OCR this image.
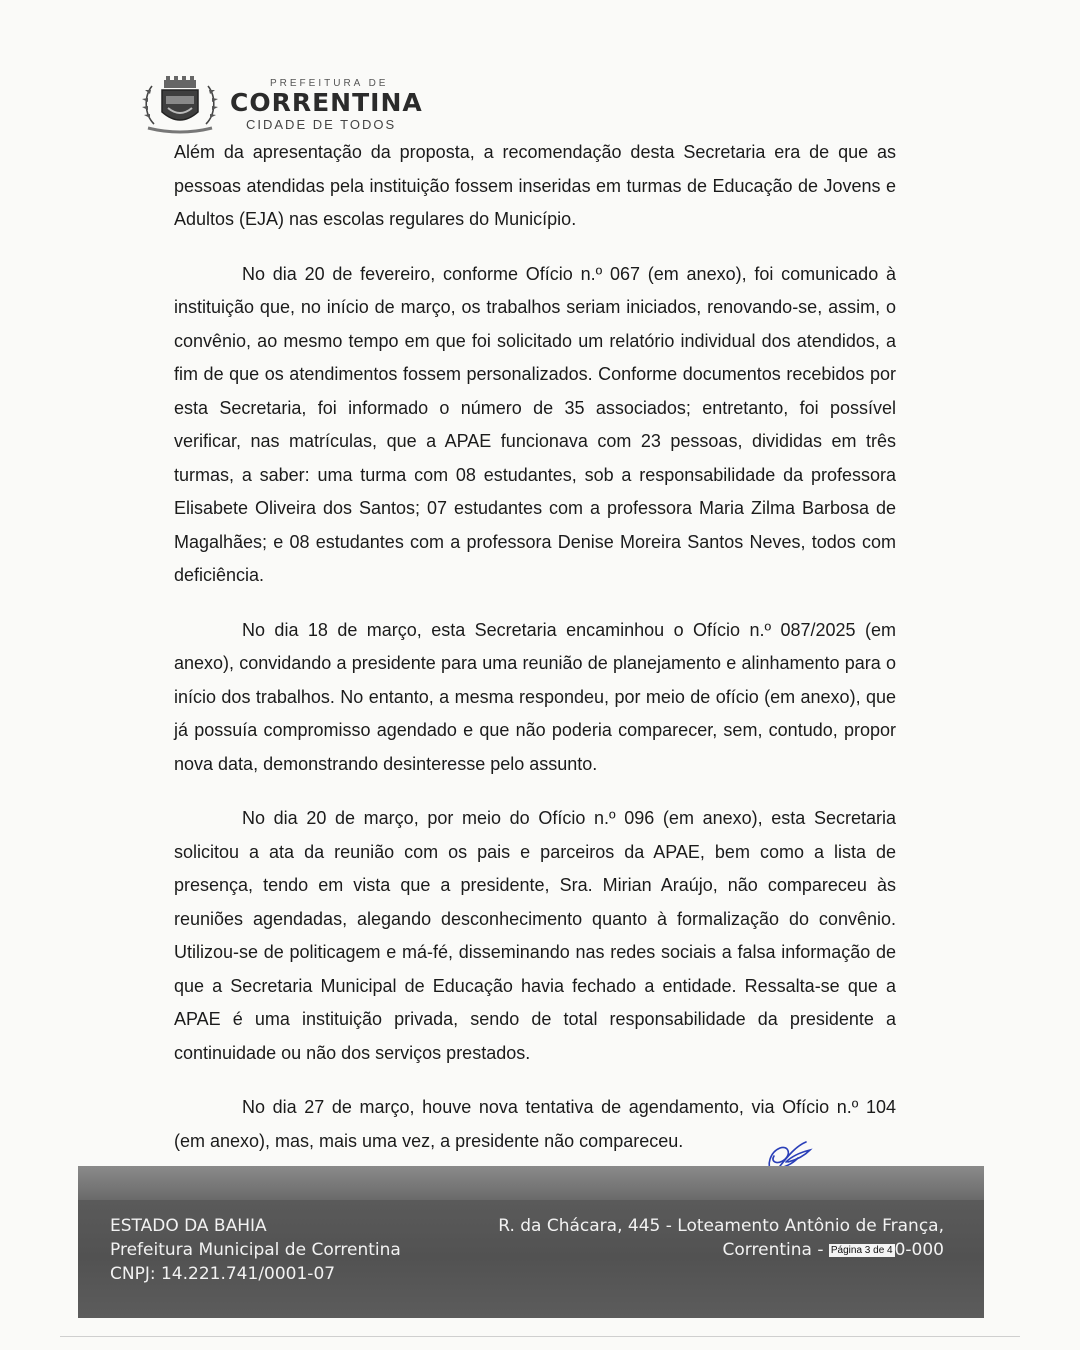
PREFEITURA DE
CORRENTINA
CIDADE DE TODOS

Além da apresentação da proposta, a recomendação desta Secretaria era de que as pessoas atendidas pela instituição fossem inseridas em turmas de Educação de Jovens e Adultos (EJA) nas escolas regulares do Município.

No dia 20 de fevereiro, conforme Ofício n.º 067 (em anexo), foi comunicado à instituição que, no início de março, os trabalhos seriam iniciados, renovando-se, assim, o convênio, ao mesmo tempo em que foi solicitado um relatório individual dos atendidos, a fim de que os atendimentos fossem personalizados. Conforme documentos recebidos por esta Secretaria, foi informado o número de 35 associados; entretanto, foi possível verificar, nas matrículas, que a APAE funcionava com 23 pessoas, divididas em três turmas, a saber: uma turma com 08 estudantes, sob a responsabilidade da professora Elisabete Oliveira dos Santos; 07 estudantes com a professora Maria Zilma Barbosa de Magalhães; e 08 estudantes com a professora Denise Moreira Santos Neves, todos com deficiência.

No dia 18 de março, esta Secretaria encaminhou o Ofício n.º 087/2025 (em anexo), convidando a presidente para uma reunião de planejamento e alinhamento para o início dos trabalhos. No entanto, a mesma respondeu, por meio de ofício (em anexo), que já possuía compromisso agendado e que não poderia comparecer, sem, contudo, propor nova data, demonstrando desinteresse pelo assunto.

No dia 20 de março, por meio do Ofício n.º 096 (em anexo), esta Secretaria solicitou a ata da reunião com os pais e parceiros da APAE, bem como a lista de presença, tendo em vista que a presidente, Sra. Mirian Araújo, não compareceu às reuniões agendadas, alegando desconhecimento quanto à formalização do convênio. Utilizou-se de politicagem e má-fé, disseminando nas redes sociais a falsa informação de que a Secretaria Municipal de Educação havia fechado a entidade. Ressalta-se que a APAE é uma instituição privada, sendo de total responsabilidade da presidente a continuidade ou não dos serviços prestados.

No dia 27 de março, houve nova tentativa de agendamento, via Ofício n.º 104 (em anexo), mas, mais uma vez, a presidente não compareceu.

ESTADO DA BAHIA
Prefeitura Municipal de Correntina
CNPJ: 14.221.741/0001-07
R. da Chácara, 445 - Loteamento Antônio de França,
Correntina - Página 3 de 4 0-000
